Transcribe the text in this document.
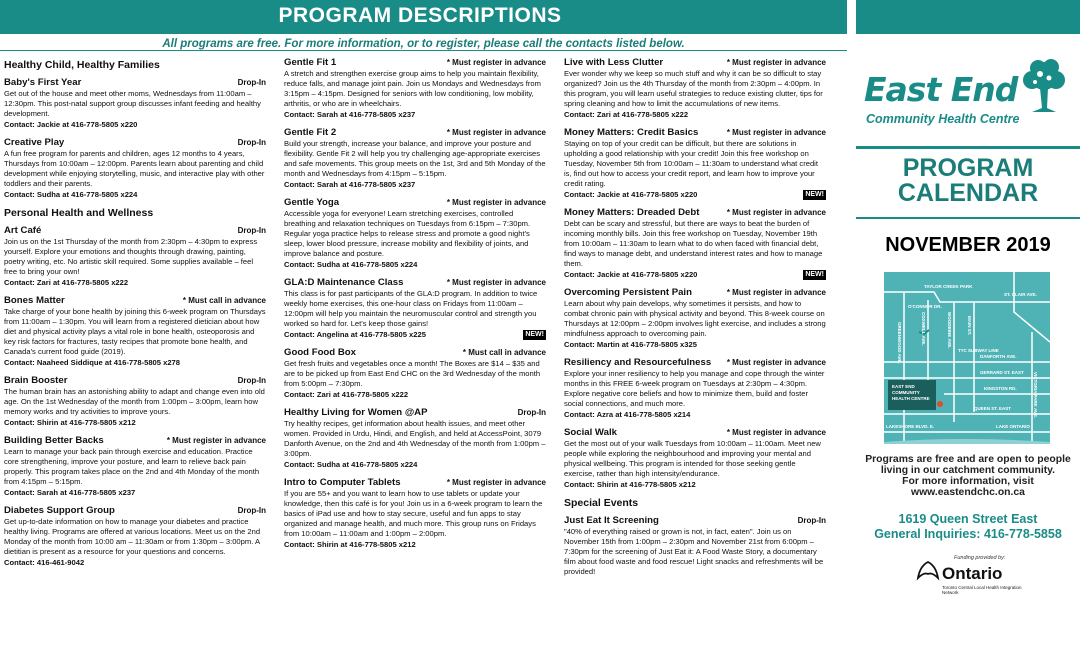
PROGRAM DESCRIPTIONS
All programs are free. For more information, or to register, please call the contacts listed below.
Healthy Child, Healthy Families
Baby's First Year	Drop-In
Get out of the house and meet other moms, Wednesdays from 11:00am – 12:30pm. This post-natal support group discusses infant feeding and healthy development.
Contact: Jackie at 416-778-5805 x220
Creative Play	Drop-In
A fun free program for parents and children, ages 12 months to 4 years, Thursdays from 10:00am – 12:00pm. Parents learn about parenting and child development while enjoying storytelling, music, and interactive play with other toddlers and their parents.
Contact: Sudha at 416-778-5805 x224
Personal Health and Wellness
Art Café	Drop-In
Join us on the 1st Thursday of the month from 2:30pm – 4:30pm to express yourself. Explore your emotions and thoughts through drawing, painting, poetry writing, etc. No artistic skill required. Some supplies available – feel free to bring your own!
Contact: Zari at 416-778-5805 x222
Bones Matter	* Must call in advance
Take charge of your bone health by joining this 6-week program on Thursdays from 11:00am – 1:30pm. You will learn from a registered dietician about how diet and physical activity plays a vital role in bone health, osteoporosis and key risk factors for fractures, tasty recipes that promote bone health, and Canada's current food guide (2019).
Contact: Naaheed Siddique at 416-778-5805 x278
Brain Booster	Drop-In
The human brain has an astonishing ability to adapt and change even into old age. On the 1st Wednesday of the month from 1:00pm – 3:00pm, learn how memory works and try activities to improve yours.
Contact: Shirin at 416-778-5805 x212
Building Better Backs	* Must register in advance
Learn to manage your back pain through exercise and education. Practice core strengthening, improve your posture, and learn to relieve back pain properly. This program takes place on the 2nd and 4th Monday of the month from 4:15pm – 5:15pm.
Contact: Sarah at 416-778-5805 x237
Diabetes Support Group	Drop-In
Get up-to-date information on how to manage your diabetes and practice healthy living. Programs are offered at various locations. Meet us on the 2nd Monday of the month from 10:00 am – 11:30am or from 1:30pm – 3:00pm. A dietitian is present as a resource for your questions and concerns.
Contact: 416-461-9042
Gentle Fit 1	* Must register in advance
A stretch and strengthen exercise group aims to help you maintain flexibility, reduce falls, and manage joint pain. Join us Mondays and Wednesdays from 3:15pm – 4:15pm. Designed for seniors with low conditioning, low mobility, arthritis, or who are in wheelchairs.
Contact: Sarah at 416-778-5805 x237
Gentle Fit 2	* Must register in advance
Build your strength, increase your balance, and improve your posture and flexibility. Gentle Fit 2 will help you try challenging age-appropriate exercises and safe movements. This group meets on the 1st, 3rd and 5th Monday of the month and Wednesdays from 4:15pm – 5:15pm.
Contact: Sarah at 416-778-5805 x237
Gentle Yoga	* Must register in advance
Accessible yoga for everyone! Learn stretching exercises, controlled breathing and relaxation techniques on Tuesdays from 6:15pm – 7:30pm. Regular yoga practice helps to release stress and promote a good night's sleep, lower blood pressure, increase mobility and flexibility of joints, and improve balance and posture.
Contact: Sudha at 416-778-5805 x224
GLA:D Maintenance Class	* Must register in advance
This class is for past participants of the GLA:D program. In addition to twice weekly home exercises, this one-hour class on Fridays from 11:00am – 12:00pm will help you maintain the neuromuscular control and strength you worked so hard for. Let's keep those gains!
Contact: Angelina at 416-778-5805 x225	NEW!
Good Food Box	* Must call in advance
Get fresh fruits and vegetables once a month! The Boxes are $14 – $35 and are to be picked up from East End CHC on the 3rd Wednesday of the month from 5:00pm – 7:30pm.
Contact: Zari at 416-778-5805 x222
Healthy Living for Women @AP	Drop-In
Try healthy recipes, get information about health issues, and meet other women. Provided in Urdu, Hindi, and English, and held at AccessPoint, 3079 Danforth Avenue, on the 2nd and 4th Wednesday of the month from 1:00pm – 3:00pm.
Contact: Sudha at 416-778-5805 x224
Intro to Computer Tablets	* Must register in advance
If you are 55+ and you want to learn how to use tablets or update your knowledge, then this café is for you! Join us in a 6-week program to learn the basics of iPad use and how to stay secure, useful and fun apps to stay organized and manage health, and much more. This group runs on Fridays from 10:00am – 11:00am and 1:00pm – 2:00pm.
Contact: Shirin at 416-778-5805 x212
Live with Less Clutter	* Must register in advance
Ever wonder why we keep so much stuff and why it can be so difficult to stay organized? Join us the 4th Thursday of the month from 2:30pm – 4:00pm. In this program, you will learn useful strategies to reduce existing clutter, tips for spring cleaning and how to limit the accumulations of new items.
Contact: Zari at 416-778-5805 x222
Money Matters: Credit Basics	* Must register in advance
Staying on top of your credit can be difficult, but there are solutions in upholding a good relationship with your credit! Join this free workshop on Tuesday, November 5th from 10:00am – 11:30am to understand what credit is, find out how to access your credit report, and learn how to improve your credit rating.
Contact: Jackie at 416-778-5805 x220	NEW!
Money Matters: Dreaded Debt	* Must register in advance
Debt can be scary and stressful, but there are ways to beat the burden of incoming monthly bills. Join this free workshop on Tuesday, November 19th from 10:00am – 11:30am to learn what to do when faced with financial debt, find ways to manage debt, and understand interest rates and how to manage them.
Contact: Jackie at 416-778-5805 x220	NEW!
Overcoming Persistent Pain	* Must register in advance
Learn about why pain develops, why sometimes it persists, and how to combat chronic pain with physical activity and beyond. This 8-week course on Thursdays at 12:00pm – 2:00pm involves light exercise, and includes a strong mindfulness approach to overcoming pain.
Contact: Martin at 416-778-5805 x325
Resiliency and Resourcefulness * Must register in advance
Explore your inner resiliency to help you manage and cope through the winter months in this FREE 6-week program on Tuesdays at 2:30pm – 4:30pm. Explore negative core beliefs and how to minimize them, build and foster social connections, and much more.
Contact: Azra at 416-778-5805 x214
Social Walk	* Must register in advance
Get the most out of your walk Tuesdays from 10:00am – 11:00am. Meet new people while exploring the neighbourhood and improving your mental and physical wellbeing. This program is intended for those seeking gentle exercise, rather than high intensity/endurance.
Contact: Shirin at 416-778-5805 x212
Special Events
Just Eat It Screening	Drop-In
"40% of everything raised or grown is not, in fact, eaten". Join us on November 15th from 1:00pm – 2:30pm and November 21st from 6:00pm – 7:30pm for the screening of Just Eat it: A Food Waste Story, a documentary film about food waste and food rescue! Light snacks and refreshments will be provided!
East End
Community Health Centre
PROGRAM
CALENDAR
NOVEMBER 2019
TAYLOR CREEK PARK
O'CONNOR DR.
ST. CLAIR AVE.
DANFORTH AVE.
GERRARD ST. EAST
KINGSTON RD.
QUEEN ST. EAST
EAST END
COMMUNITY
HEALTH CENTRE
LAKESHORE BLVD. E.	LAKE ONTARIO
TTC SUBWAY LINE
VICTORIA PARK AVE.
GREENWOOD AVE.	COXWELL AVE.	WOODBINE AVE.	MAIN ST.
Programs are free and are open to people
living in our catchment community.
For more information, visit
www.eastendchc.on.ca
1619 Queen Street East
General Inquiries: 416-778-5858
Funding provided by:
Ontario
Toronto Central Local Health Integration Network
